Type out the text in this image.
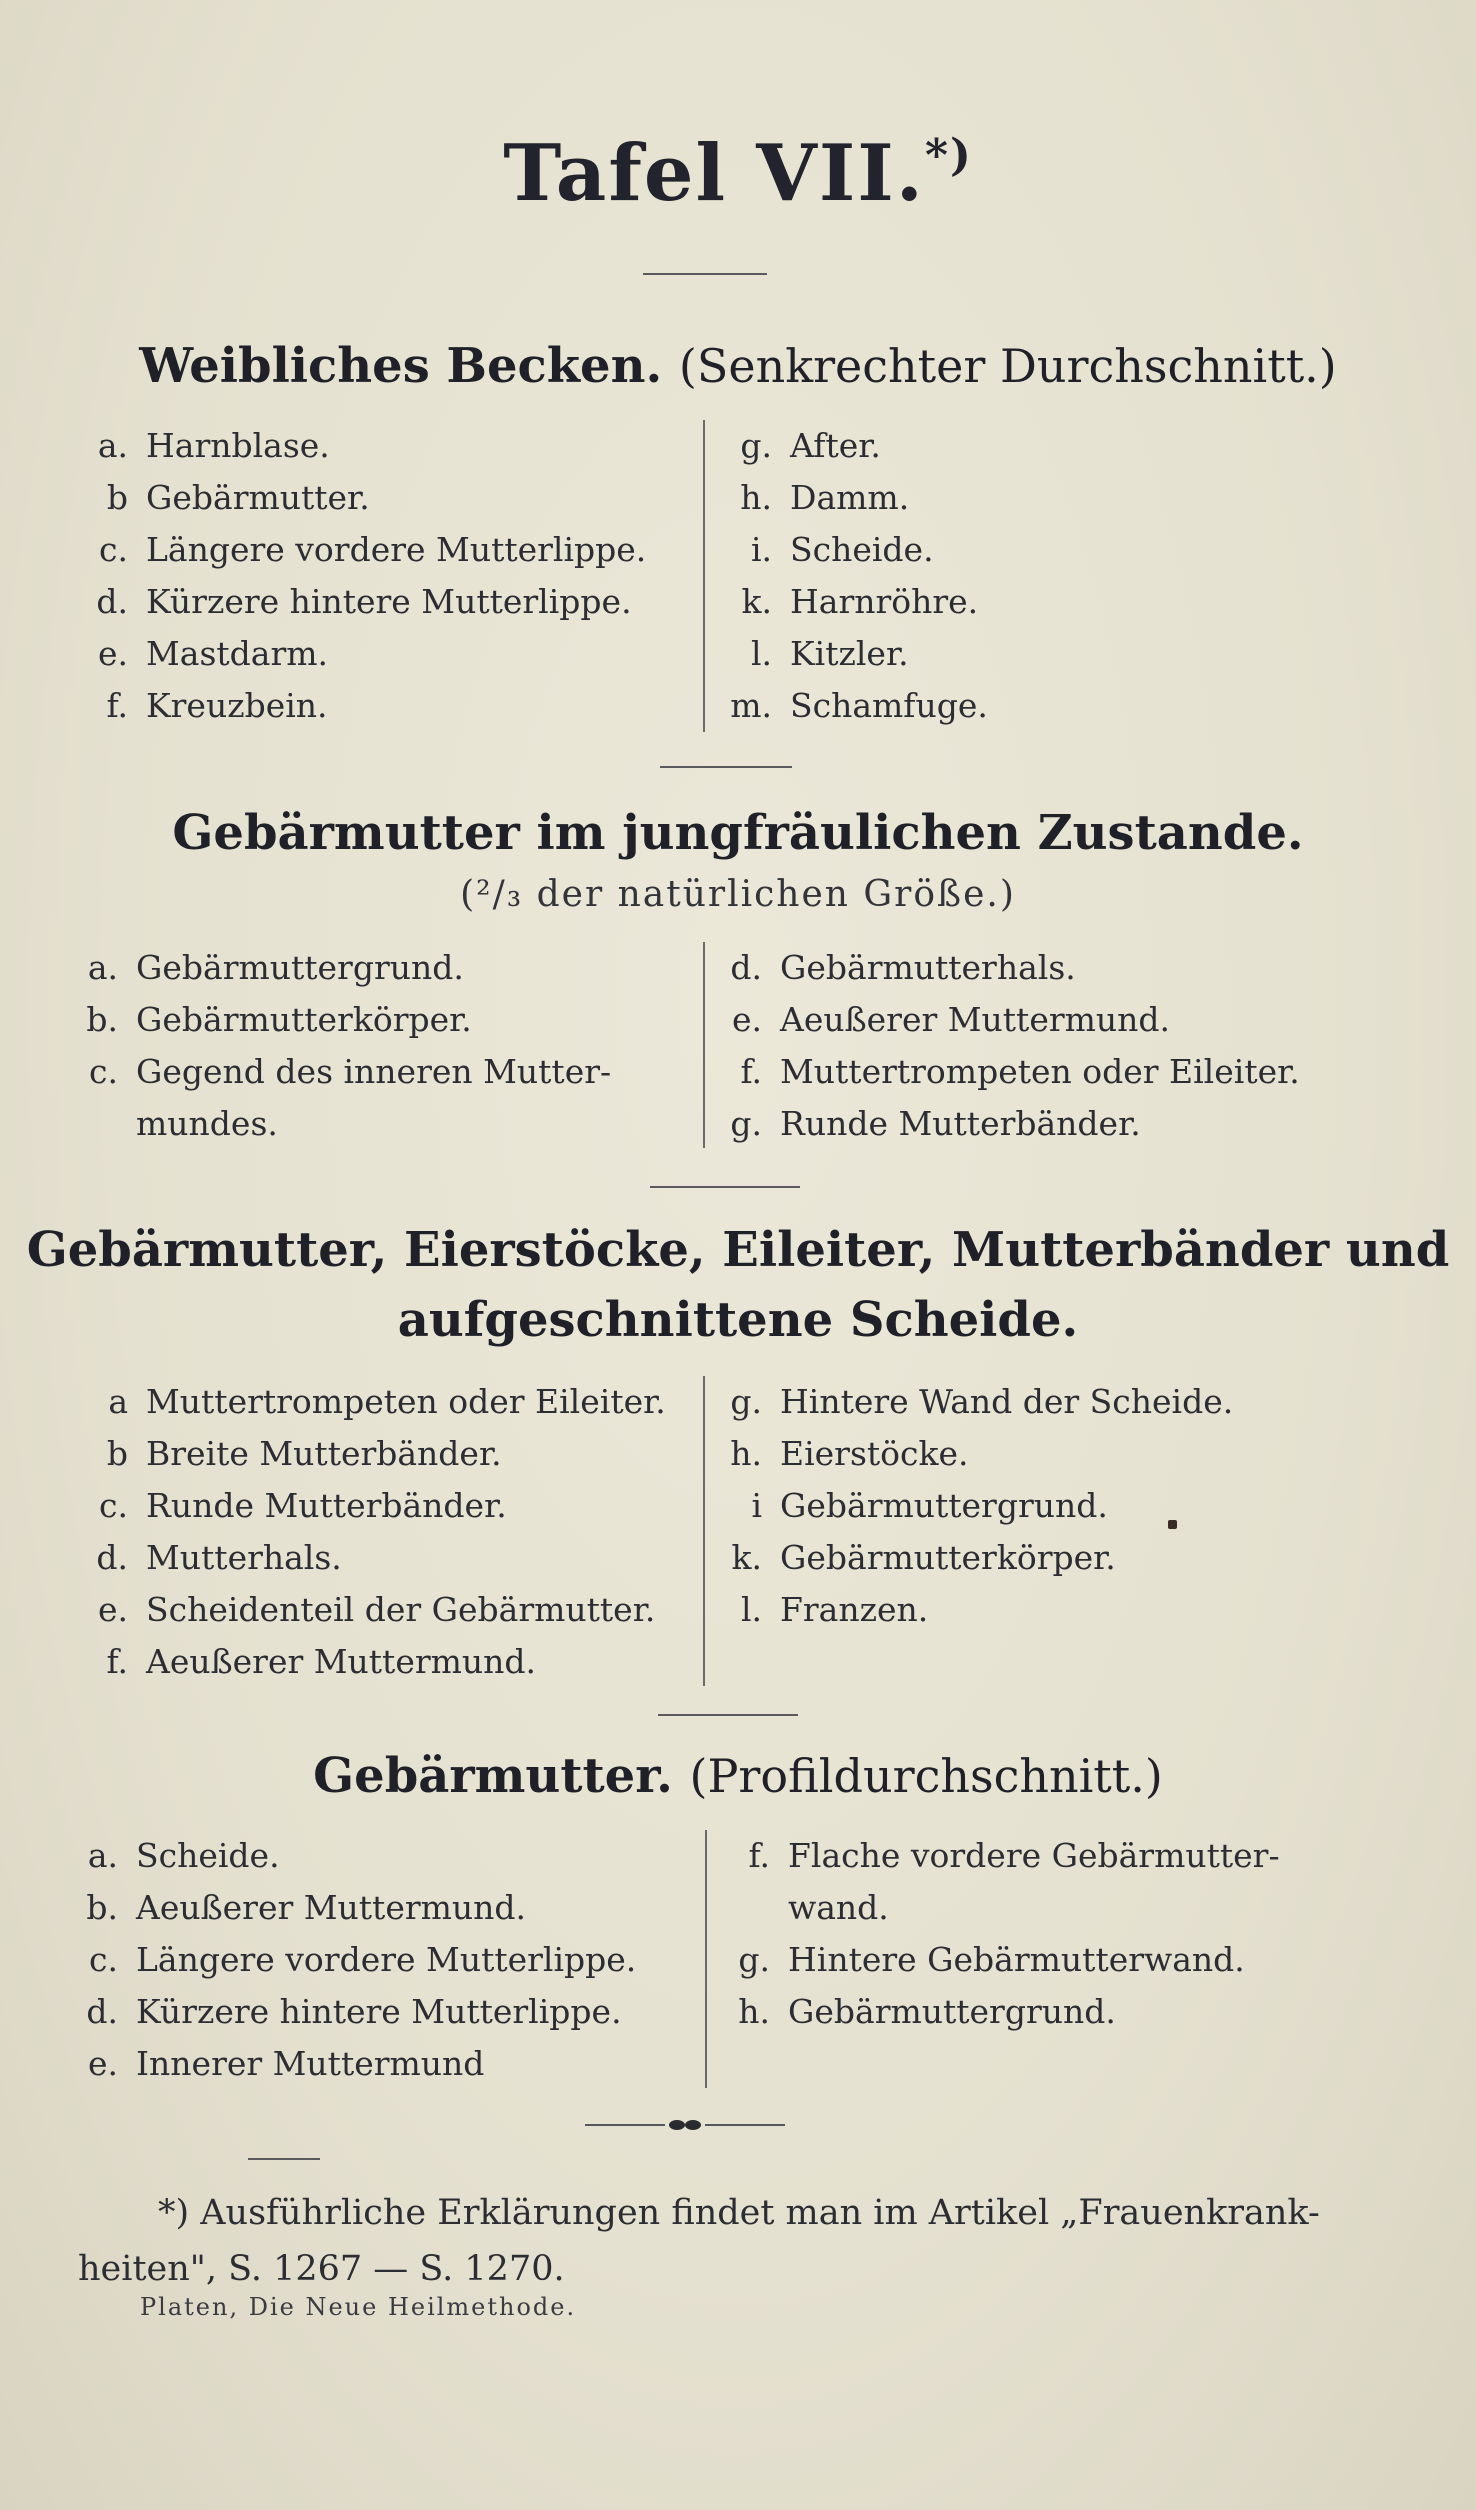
Tafel VII.*)
Weibliches Becken. (Senkrechter Durchschnitt.)
a. Harnblase.
b Gebärmutter.
c. Längere vordere Mutterlippe.
d. Kürzere hintere Mutterlippe.
e. Mastdarm.
f. Kreuzbein.
g. After.
h. Damm.
i. Scheide.
k. Harnröhre.
l. Kitzler.
m. Schamfuge.
Gebärmutter im jungfräulichen Zustande.
(²/₃ der natürlichen Größe.)
a. Gebärmuttergrund.
b. Gebärmutterkörper.
c. Gegend des inneren Mutter-
mundes.
d. Gebärmutterhals.
e. Aeußerer Muttermund.
f. Muttertrompeten oder Eileiter.
g. Runde Mutterbänder.
Gebärmutter, Eierstöcke, Eileiter, Mutterbänder und
aufgeschnittene Scheide.
a Muttertrompeten oder Eileiter.
b Breite Mutterbänder.
c. Runde Mutterbänder.
d. Mutterhals.
e. Scheidenteil der Gebärmutter.
f. Aeußerer Muttermund.
g. Hintere Wand der Scheide.
h. Eierstöcke.
i Gebärmuttergrund.
k. Gebärmutterkörper.
l. Franzen.
Gebärmutter. (Profildurchschnitt.)
a. Scheide.
b. Aeußerer Muttermund.
c. Längere vordere Mutterlippe.
d. Kürzere hintere Mutterlippe.
e. Innerer Muttermund
f. Flache vordere Gebärmutter-
wand.
g. Hintere Gebärmutterwand.
h. Gebärmuttergrund.
*) Ausführliche Erklärungen findet man im Artikel „Frauenkrank-
heiten", S. 1267 — S. 1270.
Platen, Die Neue Heilmethode.
